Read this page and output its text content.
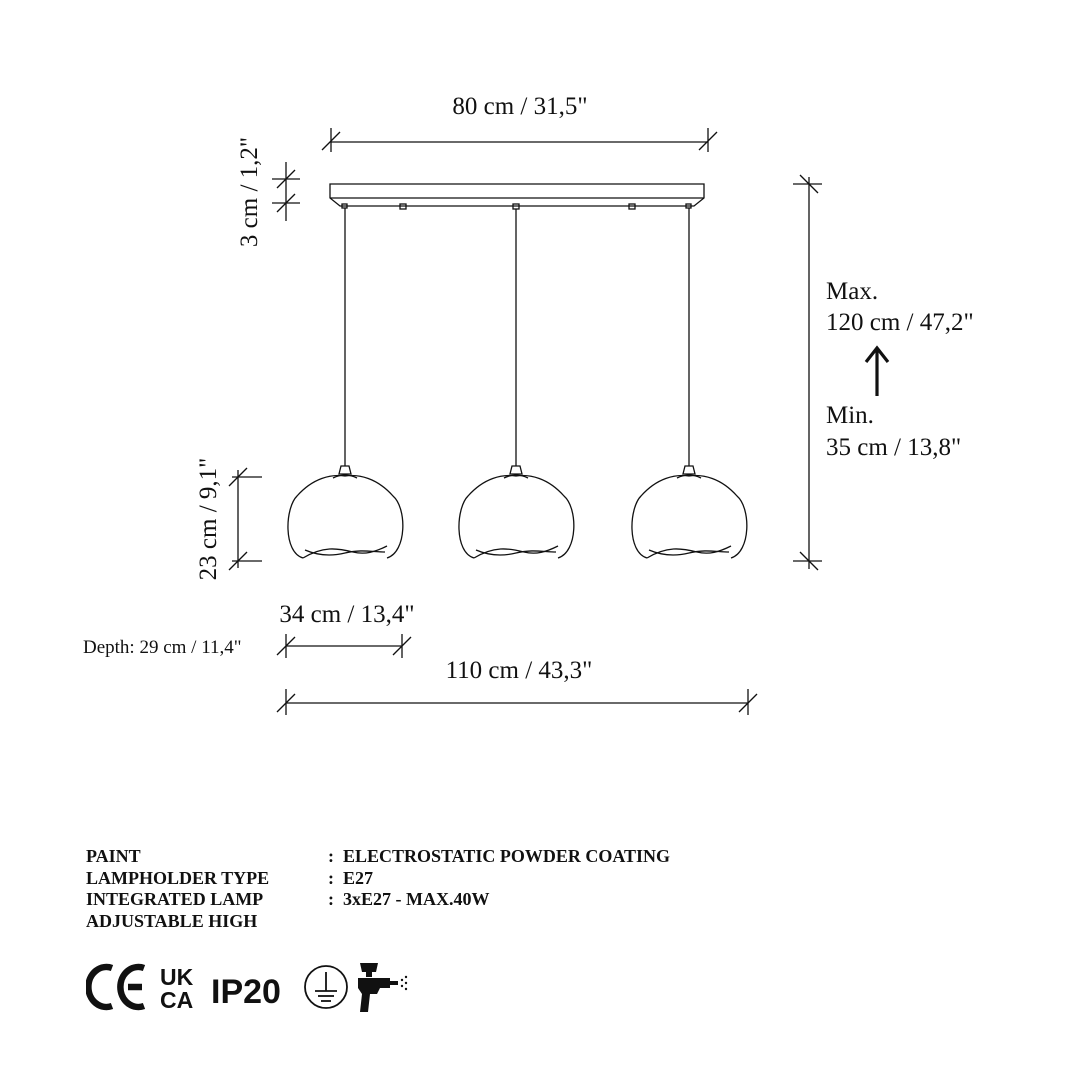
80 cm / 31,5"
3 cm / 1,2"
Max.
120 cm / 47,2"
Min.
35 cm / 13,8"
23 cm / 9,1"
34 cm / 13,4"
Depth: 29 cm / 11,4"
110 cm / 43,3"
PAINT	:	ELECTROSTATIC POWDER COATING
LAMPHOLDER TYPE	:	E27
INTEGRATED LAMP	:	3xE27 - MAX.40W
ADJUSTABLE HIGH		
UK
CA IP20
